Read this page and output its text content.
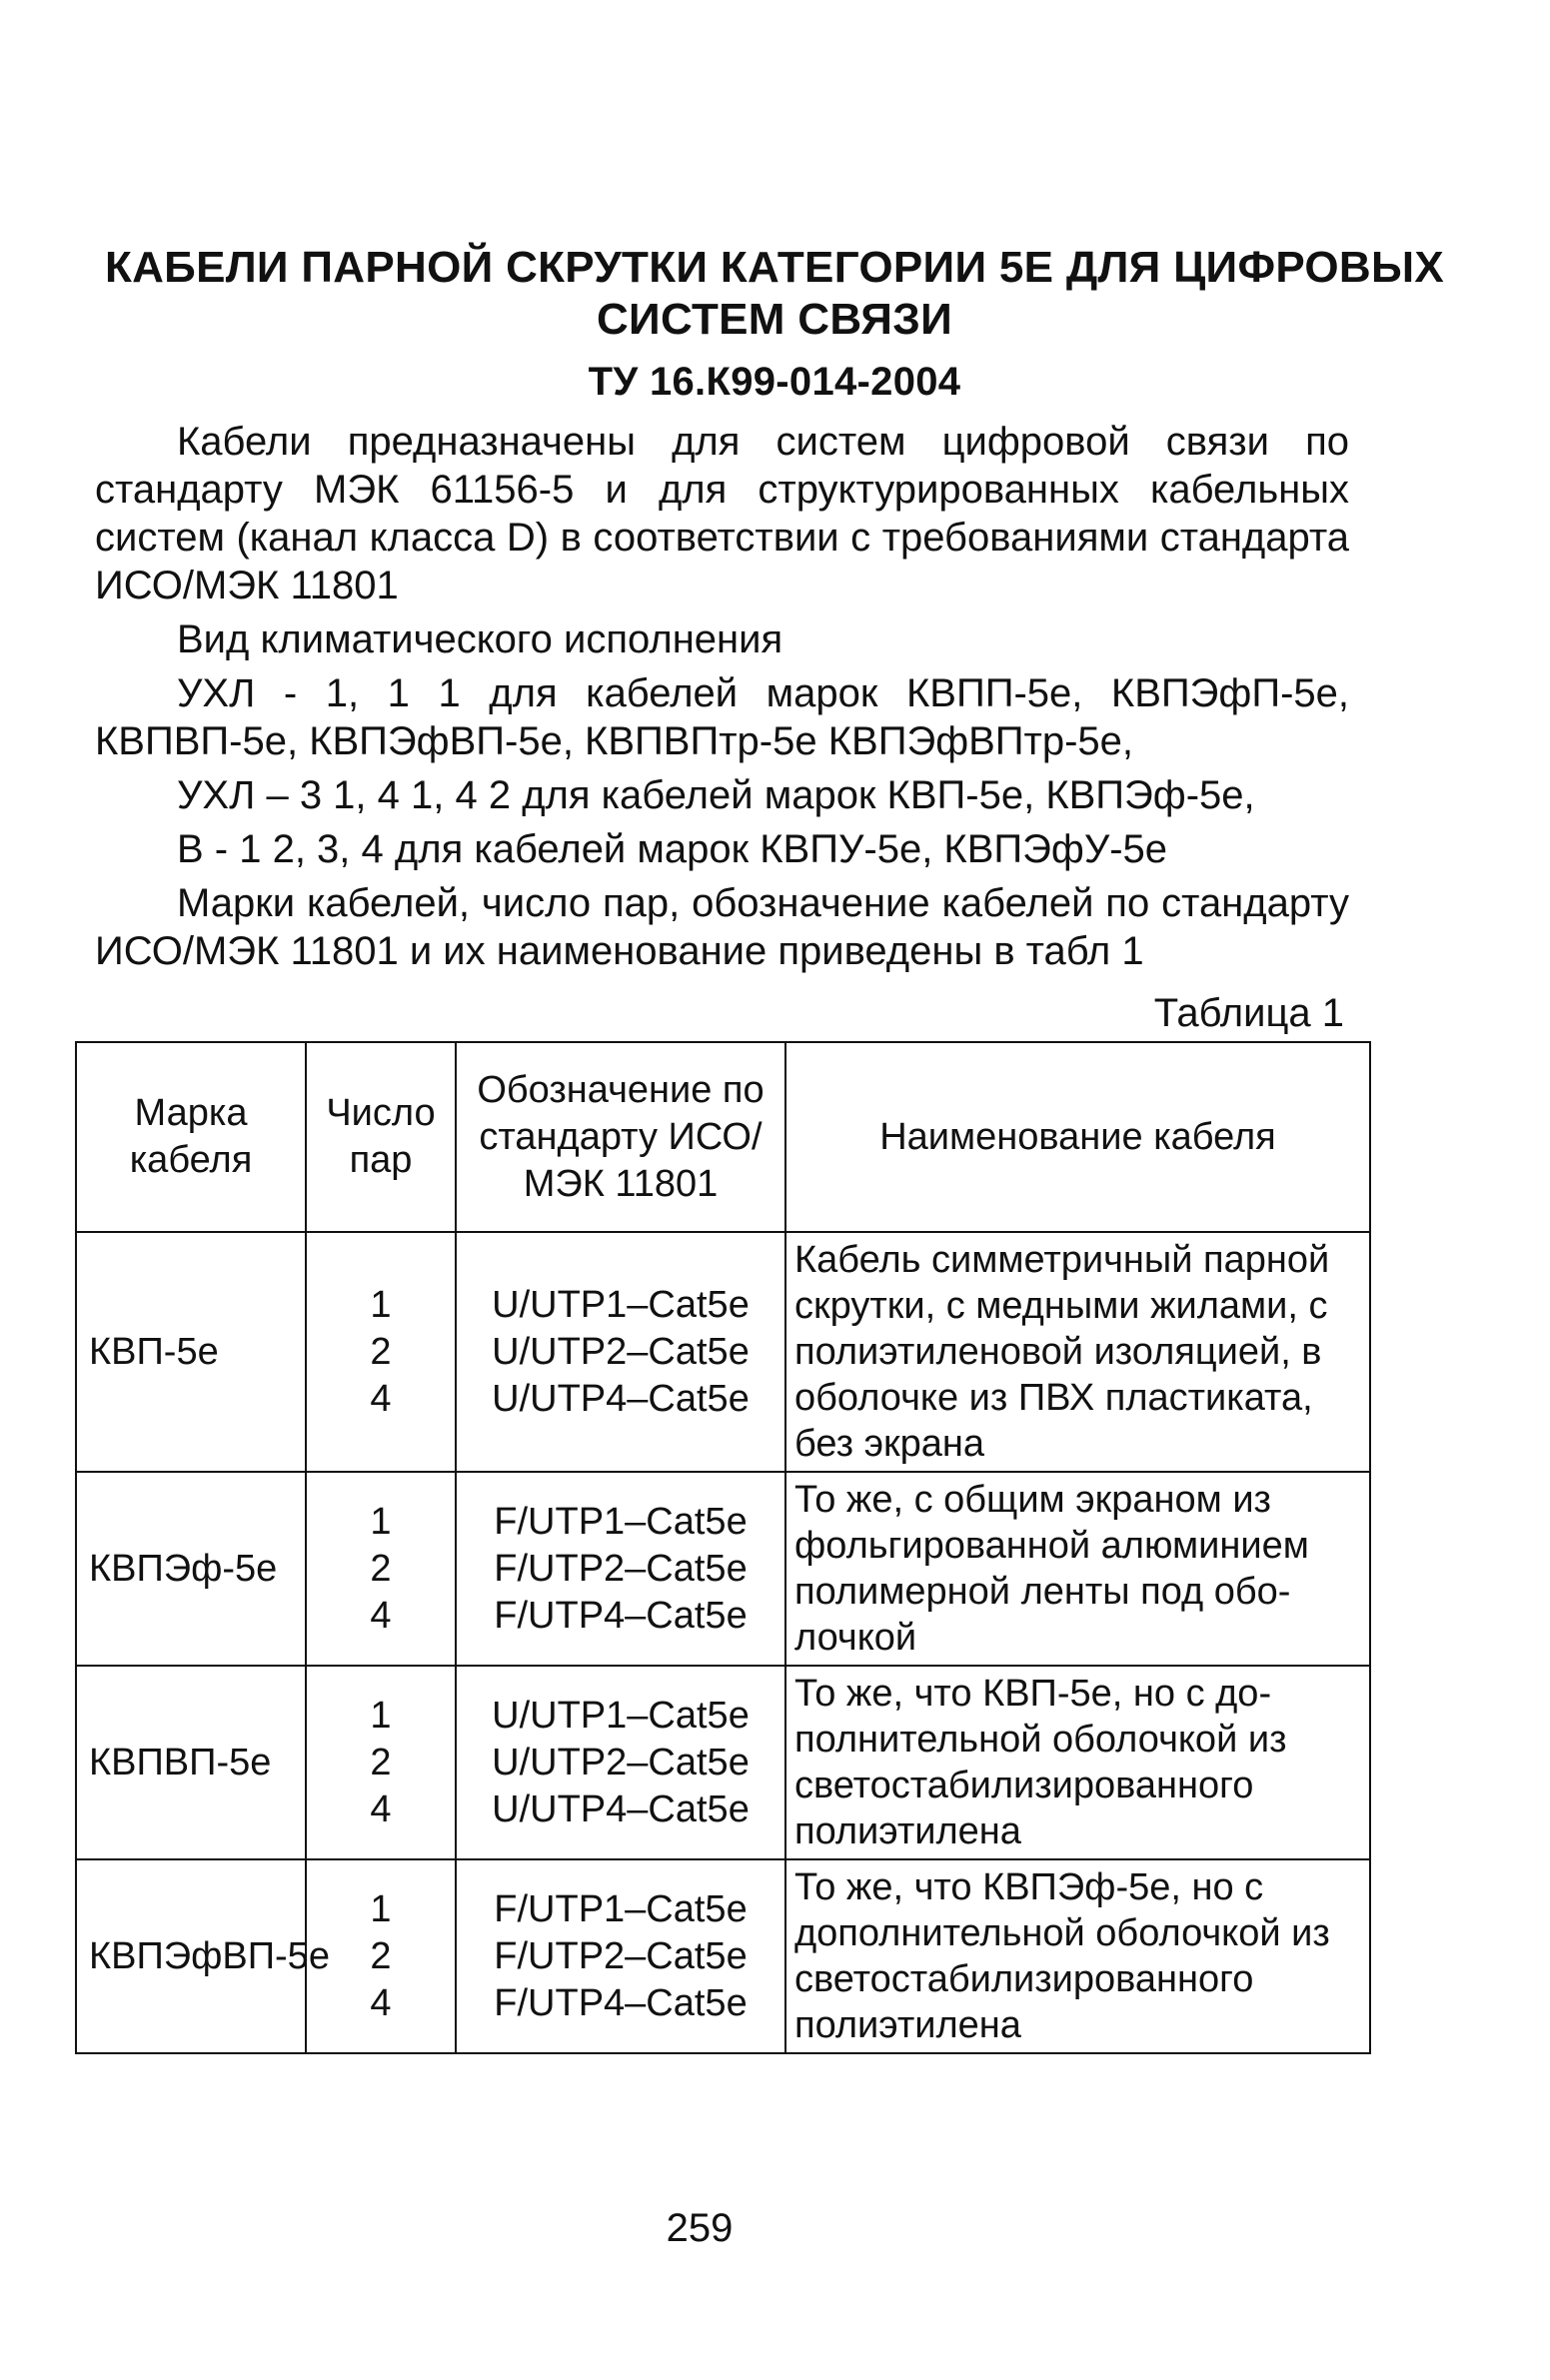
КАБЕЛИ ПАРНОЙ СКРУТКИ КАТЕГОРИИ 5Е ДЛЯ ЦИФРОВЫХ
СИСТЕМ СВЯЗИ
ТУ 16.К99-014-2004

Кабели предназначены для систем цифровой связи по стандарту МЭК 61156-5 и для структурированных кабельных систем (канал класса D) в соответствии с требованиями стандарта ИСО/МЭК 11801

Вид климатического исполнения

УХЛ - 1, 1 1 для кабелей марок КВПП-5е, КВПЭфП-5е, КВПВП-5е, КВПЭфВП-5е, КВПВПтр-5е КВПЭфВПтр-5е,

УХЛ – 3 1, 4 1, 4 2 для кабелей марок КВП-5е, КВПЭф-5е,

В - 1 2, 3, 4 для кабелей марок КВПУ-5е, КВПЭфУ-5е

Марки кабелей, число пар, обозначение кабелей по стандарту ИСО/МЭК 11801 и их наименование приведены в табл 1

Таблица 1
Марка кабеля	Число пар	Обозначение по стандарту ИСО/МЭК 11801	Наименование кабеля
КВП-5е	1
2
4	U/UTP1–Cat5e
U/UTP2–Cat5e
U/UTP4–Cat5e	Кабель симметричный парной скрутки, с медными жилами, с полиэтиленовой изоляцией, в оболочке из ПВХ пластиката, без экрана
КВПЭф-5е	1
2
4	F/UTP1–Cat5e
F/UTP2–Cat5e
F/UTP4–Cat5e	То же, с общим экраном из фольгированной алюминием полимерной ленты под обо-лочкой
КВПВП-5е	1
2
4	U/UTP1–Cat5e
U/UTP2–Cat5e
U/UTP4–Cat5e	То же, что КВП-5е, но с до-полнительной оболочкой из светостабилизированного полиэтилена
КВПЭфВП-5е	1
2
4	F/UTP1–Cat5e
F/UTP2–Cat5e
F/UTP4–Cat5e	То же, что КВПЭф-5е, но с дополнительной оболочкой из светостабилизированного полиэтилена
259
